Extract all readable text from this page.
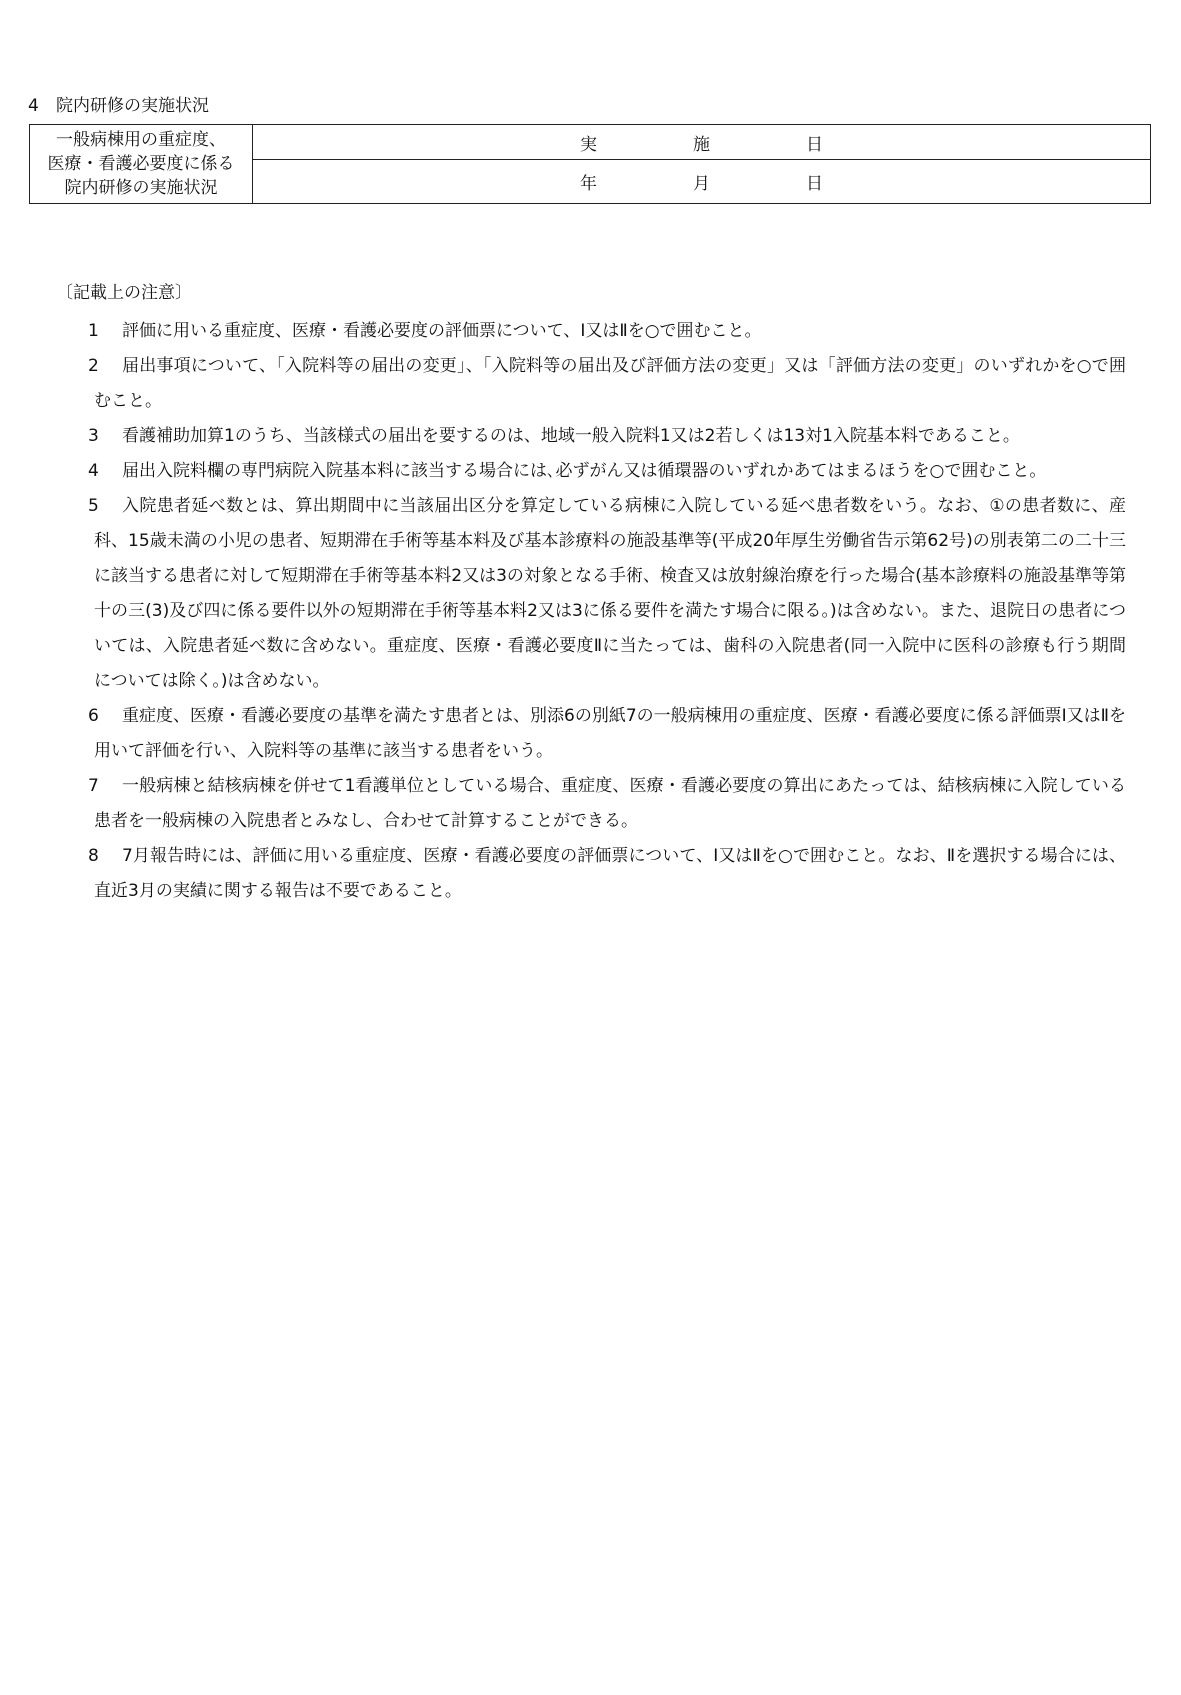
4 院内研修の実施状況
一般病棟用の重症度、
医療・看護必要度に係る
院内研修の実施状況

実	施	日

年	月	日
〔記載上の注意〕
1	評価に用いる重症度、医療・看護必要度の評価票について、Ⅰ又はⅡを○で囲むこと。
2	届出事項について、「入院料等の届出の変更」、「入院料等の届出及び評価方法の変更」又は「評価方法の変更」のいずれかを○で囲むこと。
3	看護補助加算1のうち、当該様式の届出を要するのは、地域一般入院料1又は2若しくは13対1入院基本料であること。
4	届出入院料欄の専門病院入院基本料に該当する場合には､必ずがん又は循環器のいずれかあてはまるほうを○で囲むこと。
5	入院患者延べ数とは、算出期間中に当該届出区分を算定している病棟に入院している延べ患者数をいう。なお、①の患者数に、産科、15歳未満の小児の患者、短期滞在手術等基本料及び基本診療料の施設基準等(平成20年厚生労働省告示第62号)の別表第二の二十三に該当する患者に対して短期滞在手術等基本料2又は3の対象となる手術、検査又は放射線治療を行った場合(基本診療料の施設基準等第十の三(3)及び四に係る要件以外の短期滞在手術等基本料2又は3に係る要件を満たす場合に限る。)は含めない。また、退院日の患者については、入院患者延べ数に含めない。重症度、医療・看護必要度Ⅱに当たっては、歯科の入院患者(同一入院中に医科の診療も行う期間については除く。)は含めない。
6	重症度、医療・看護必要度の基準を満たす患者とは、別添6の別紙7の一般病棟用の重症度、医療・看護必要度に係る評価票Ⅰ又はⅡを用いて評価を行い、入院料等の基準に該当する患者をいう。
7	一般病棟と結核病棟を併せて1看護単位としている場合、重症度、医療・看護必要度の算出にあたっては、結核病棟に入院している患者を一般病棟の入院患者とみなし、合わせて計算することができる。
8	7月報告時には、評価に用いる重症度、医療・看護必要度の評価票について、Ⅰ又はⅡを○で囲むこと。なお、Ⅱを選択する場合には、直近3月の実績に関する報告は不要であること。
